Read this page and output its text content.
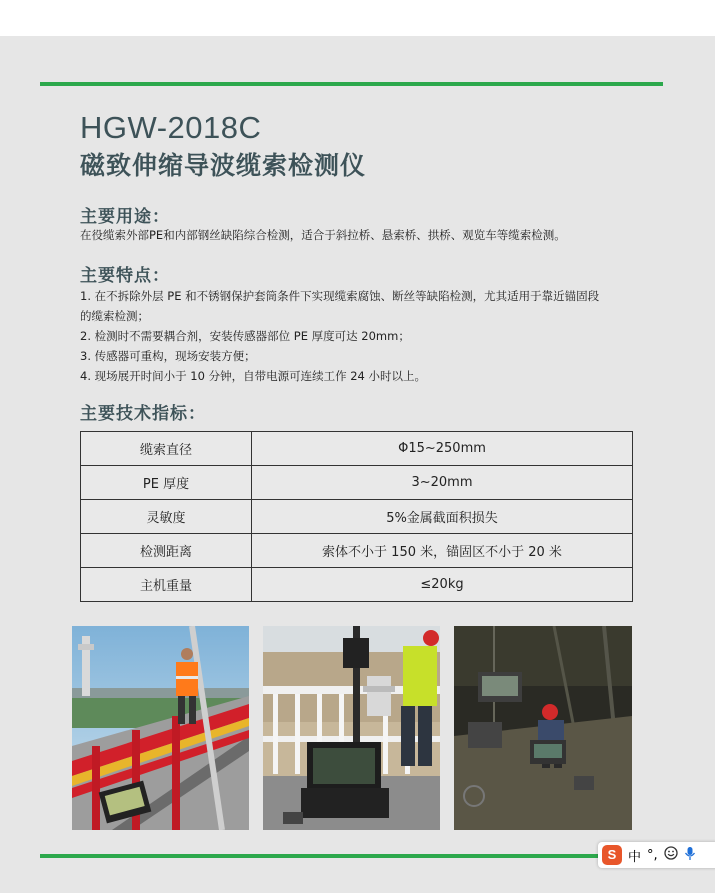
HGW-2018C
磁致伸缩导波缆索检测仪
主要用途：
在役缆索外部PE和内部钢丝缺陷综合检测，适合于斜拉桥、悬索桥、拱桥、观览车等缆索检测。
主要特点：
1. 在不拆除外层 PE 和不锈钢保护套筒条件下实现缆索腐蚀、断丝等缺陷检测，尤其适用于靠近锚固段
的缆索检测；
2. 检测时不需要耦合剂，安装传感器部位 PE 厚度可达 20mm；
3. 传感器可重构，现场安装方便；
4. 现场展开时间小于 10 分钟，自带电源可连续工作 24 小时以上。
主要技术指标：
缆索直径	Φ15~250mm
PE 厚度	3~20mm
灵敏度	5%金属截面积损失
检测距离	索体不小于 150 米，锚固区不小于 20 米
主机重量	≤20kg
S 中 °,
